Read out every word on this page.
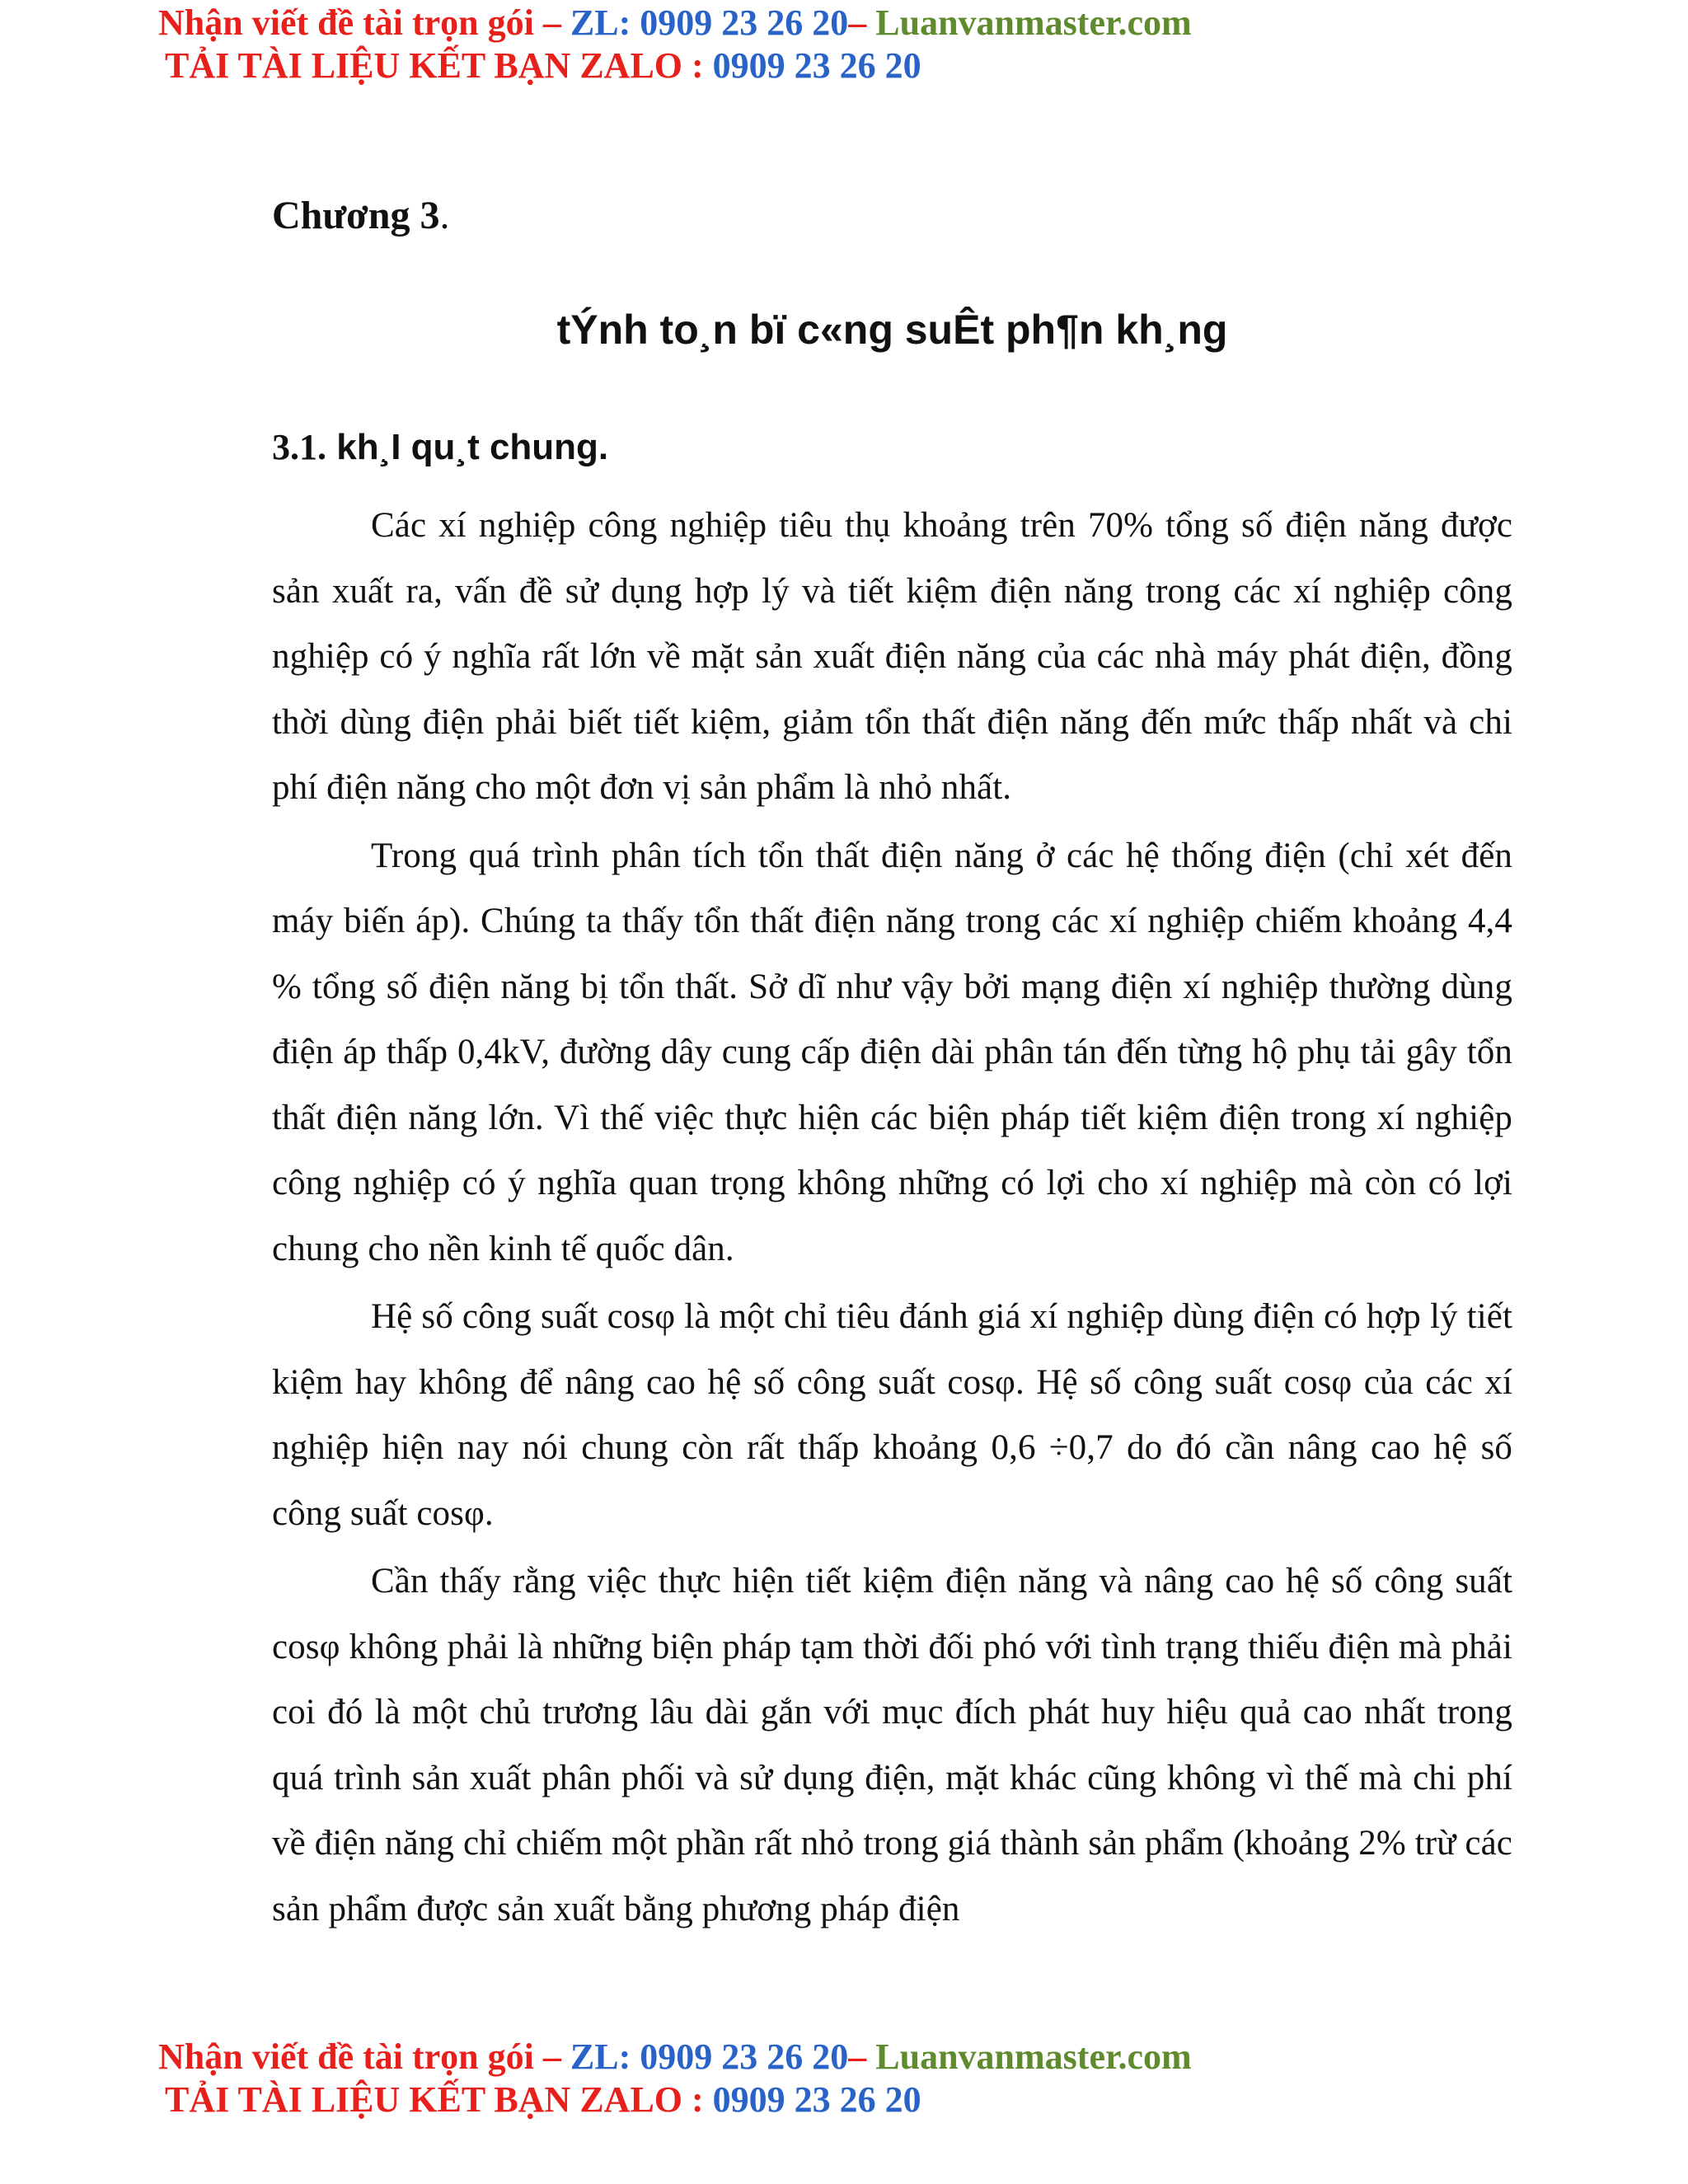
Nhận viết đề tài trọn gói – ZL: 0909 23 26 20– Luanvanmaster.com
TẢI TÀI LIỆU KẾT BẠN ZALO : 0909 23 26 20
Chương 3.
tÝnh to¸n bï c«ng suÊt ph¶n kh¸ng
3.1. kh¸I qu¸t chung.

Các xí nghiệp công nghiệp tiêu thụ khoảng trên 70% tổng số điện năng được sản xuất ra, vấn đề sử dụng hợp lý và tiết kiệm điện năng trong các xí nghiệp công nghiệp có ý nghĩa rất lớn về mặt sản xuất điện năng của các nhà máy phát điện, đồng thời dùng điện phải biết tiết kiệm, giảm tổn thất điện năng đến mức thấp nhất và chi phí điện năng cho một đơn vị sản phẩm là nhỏ nhất.

Trong quá trình phân tích tổn thất điện năng ở các hệ thống điện (chỉ xét đến máy biến áp). Chúng ta thấy tổn thất điện năng trong các xí nghiệp chiếm khoảng 4,4 % tổng số điện năng bị tổn thất. Sở dĩ như vậy bởi mạng điện xí nghiệp thường dùng điện áp thấp 0,4kV, đường dây cung cấp điện dài phân tán đến từng hộ phụ tải gây tổn thất điện năng lớn. Vì thế việc thực hiện các biện pháp tiết kiệm điện trong xí nghiệp công nghiệp có ý nghĩa quan trọng không những có lợi cho xí nghiệp mà còn có lợi chung cho nền kinh tế quốc dân.

Hệ số công suất cosφ là một chỉ tiêu đánh giá xí nghiệp dùng điện có hợp lý tiết kiệm hay không để nâng cao hệ số công suất cosφ. Hệ số công suất cosφ của các xí nghiệp hiện nay nói chung còn rất thấp khoảng 0,6 ÷0,7 do đó cần nâng cao hệ số công suất cosφ.

Cần thấy rằng việc thực hiện tiết kiệm điện năng và nâng cao hệ số công suất cosφ không phải là những biện pháp tạm thời đối phó với tình trạng thiếu điện mà phải coi đó là một chủ trương lâu dài gắn với mục đích phát huy hiệu quả cao nhất trong quá trình sản xuất phân phối và sử dụng điện, mặt khác cũng không vì thế mà chi phí về điện năng chỉ chiếm một phần rất nhỏ trong giá thành sản phẩm (khoảng 2% trừ các sản phẩm được sản xuất bằng phương pháp điện

Nhận viết đề tài trọn gói – ZL: 0909 23 26 20– Luanvanmaster.com
TẢI TÀI LIỆU KẾT BẠN ZALO : 0909 23 26 20
